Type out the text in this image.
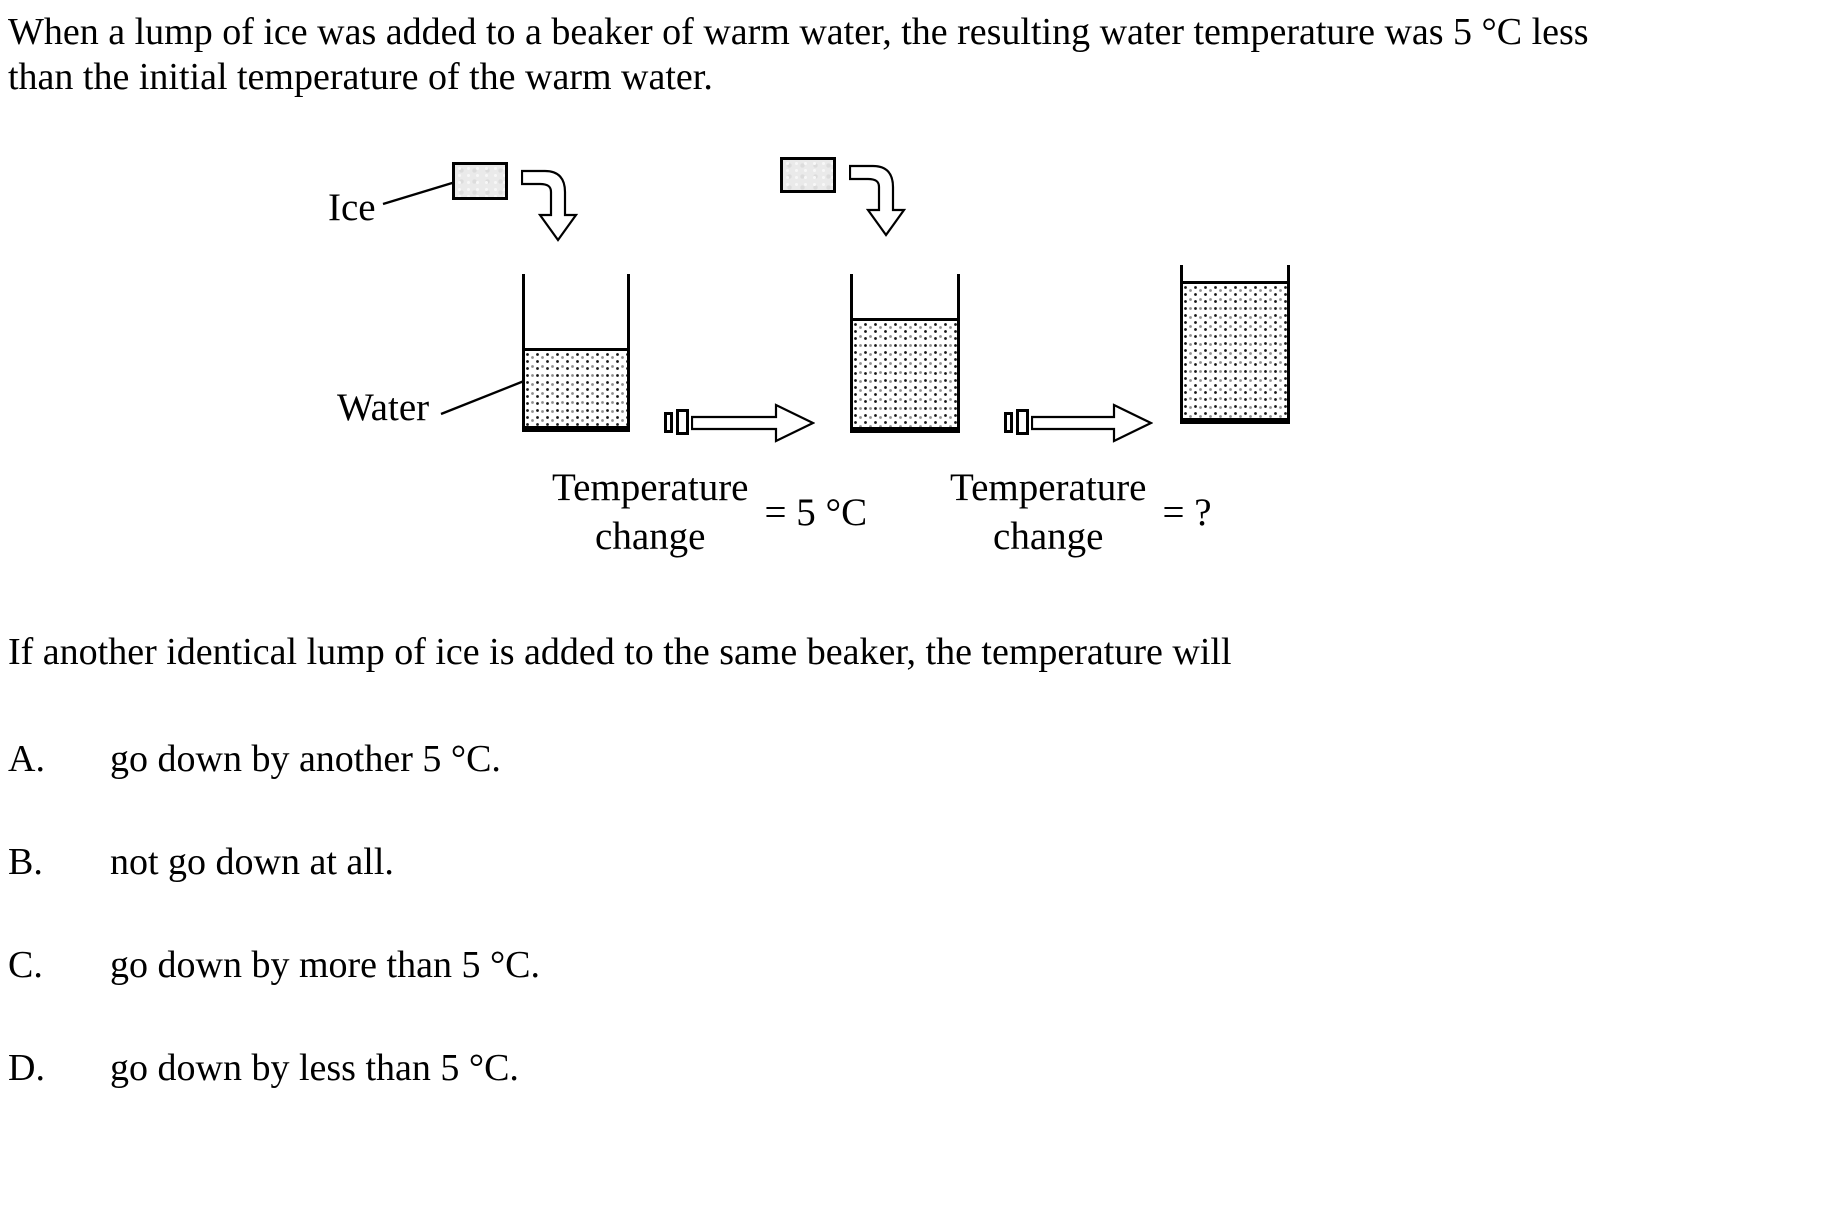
When a lump of ice was added to a beaker of warm water, the resulting water temperature was 5 °C less
than the initial temperature of the warm water.
Ice
Water
Temperature
change
= 5 °C
Temperature
change
= ?
If another identical lump of ice is added to the same beaker, the temperature will
A. go down by another 5 °C.
B. not go down at all.
C. go down by more than 5 °C.
D. go down by less than 5 °C.
